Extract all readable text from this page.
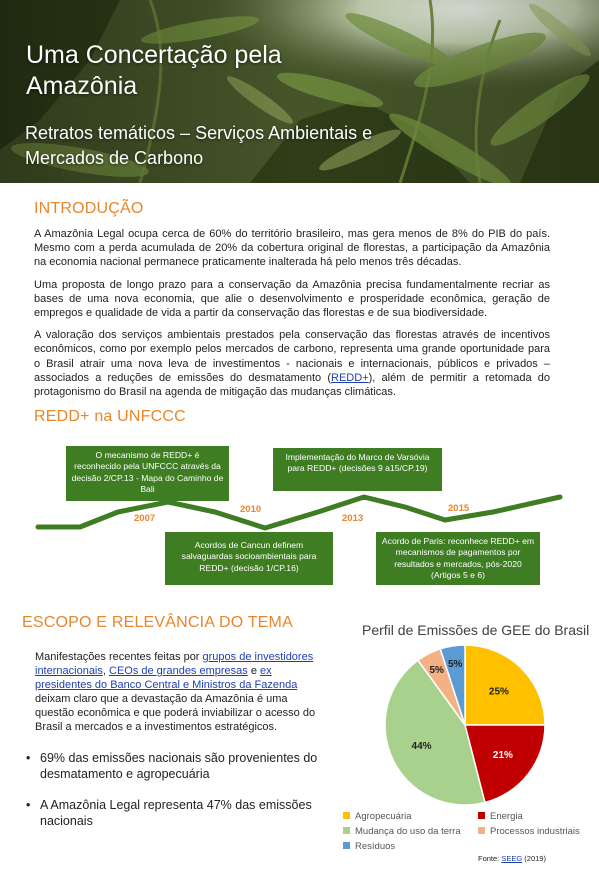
Uma Concertação pela Amazônia
Retratos temáticos – Serviços Ambientais e Mercados de Carbono
INTRODUÇÃO

A Amazônia Legal ocupa cerca de 60% do território brasileiro, mas gera menos de 8% do PIB do país. Mesmo com a perda acumulada de 20% da cobertura original de florestas, a participação da Amazônia na economia nacional permanece praticamente inalterada há pelo menos três décadas.

Uma proposta de longo prazo para a conservação da Amazônia precisa fundamentalmente recriar as bases de uma nova economia, que alie o desenvolvimento e prosperidade econômica, geração de empregos e qualidade de vida a partir da conservação das florestas e de sua biodiversidade.

A valoração dos serviços ambientais prestados pela conservação das florestas através de incentivos econômicos, como por exemplo pelos mercados de carbono, representa uma grande oportunidade para o Brasil atrair uma nova leva de investimentos - nacionais e internacionais, públicos e privados – associados a reduções de emissões do desmatamento (REDD+), além de permitir a retomada do protagonismo do Brasil na agenda de mitigação das mudanças climáticas.

REDD+ na UNFCCC
O mecanismo de REDD+ é reconhecido pela UNFCCC através da decisão 2/CP.13 - Mapa do Caminho de Bali
Acordos de Cancun definem salvaguardas socioambientais para REDD+ (decisão 1/CP.16)
Implementação do Marco de Varsóvia para REDD+ (decisões 9 a15/CP.19)
Acordo de Paris: reconhece REDD+ em mecanismos de pagamentos por resultados e mercados, pós-2020 (Artigos 5 e 6)
2007
2010
2013
2015
ESCOPO E RELEVÂNCIA DO TEMA
Manifestações recentes feitas por grupos de investidores internacionais, CEOs de grandes empresas e ex presidentes do Banco Central e Ministros da Fazenda deixam claro que a devastação da Amazônia é uma questão econômica e que poderá inviabilizar o acesso do Brasil a mercados e a investimentos estratégicos.
• 69% das emissões nacionais são provenientes do desmatamento e agropecuária
• A Amazônia Legal representa 47% das emissões nacionais
Perfil de Emissões de GEE do Brasil
25%
21%
44%
5%
5%
Agropecuária	Energia
Mudança do uso da terra	Processos industriais
Resíduos
Fonte: SEEG (2019)
